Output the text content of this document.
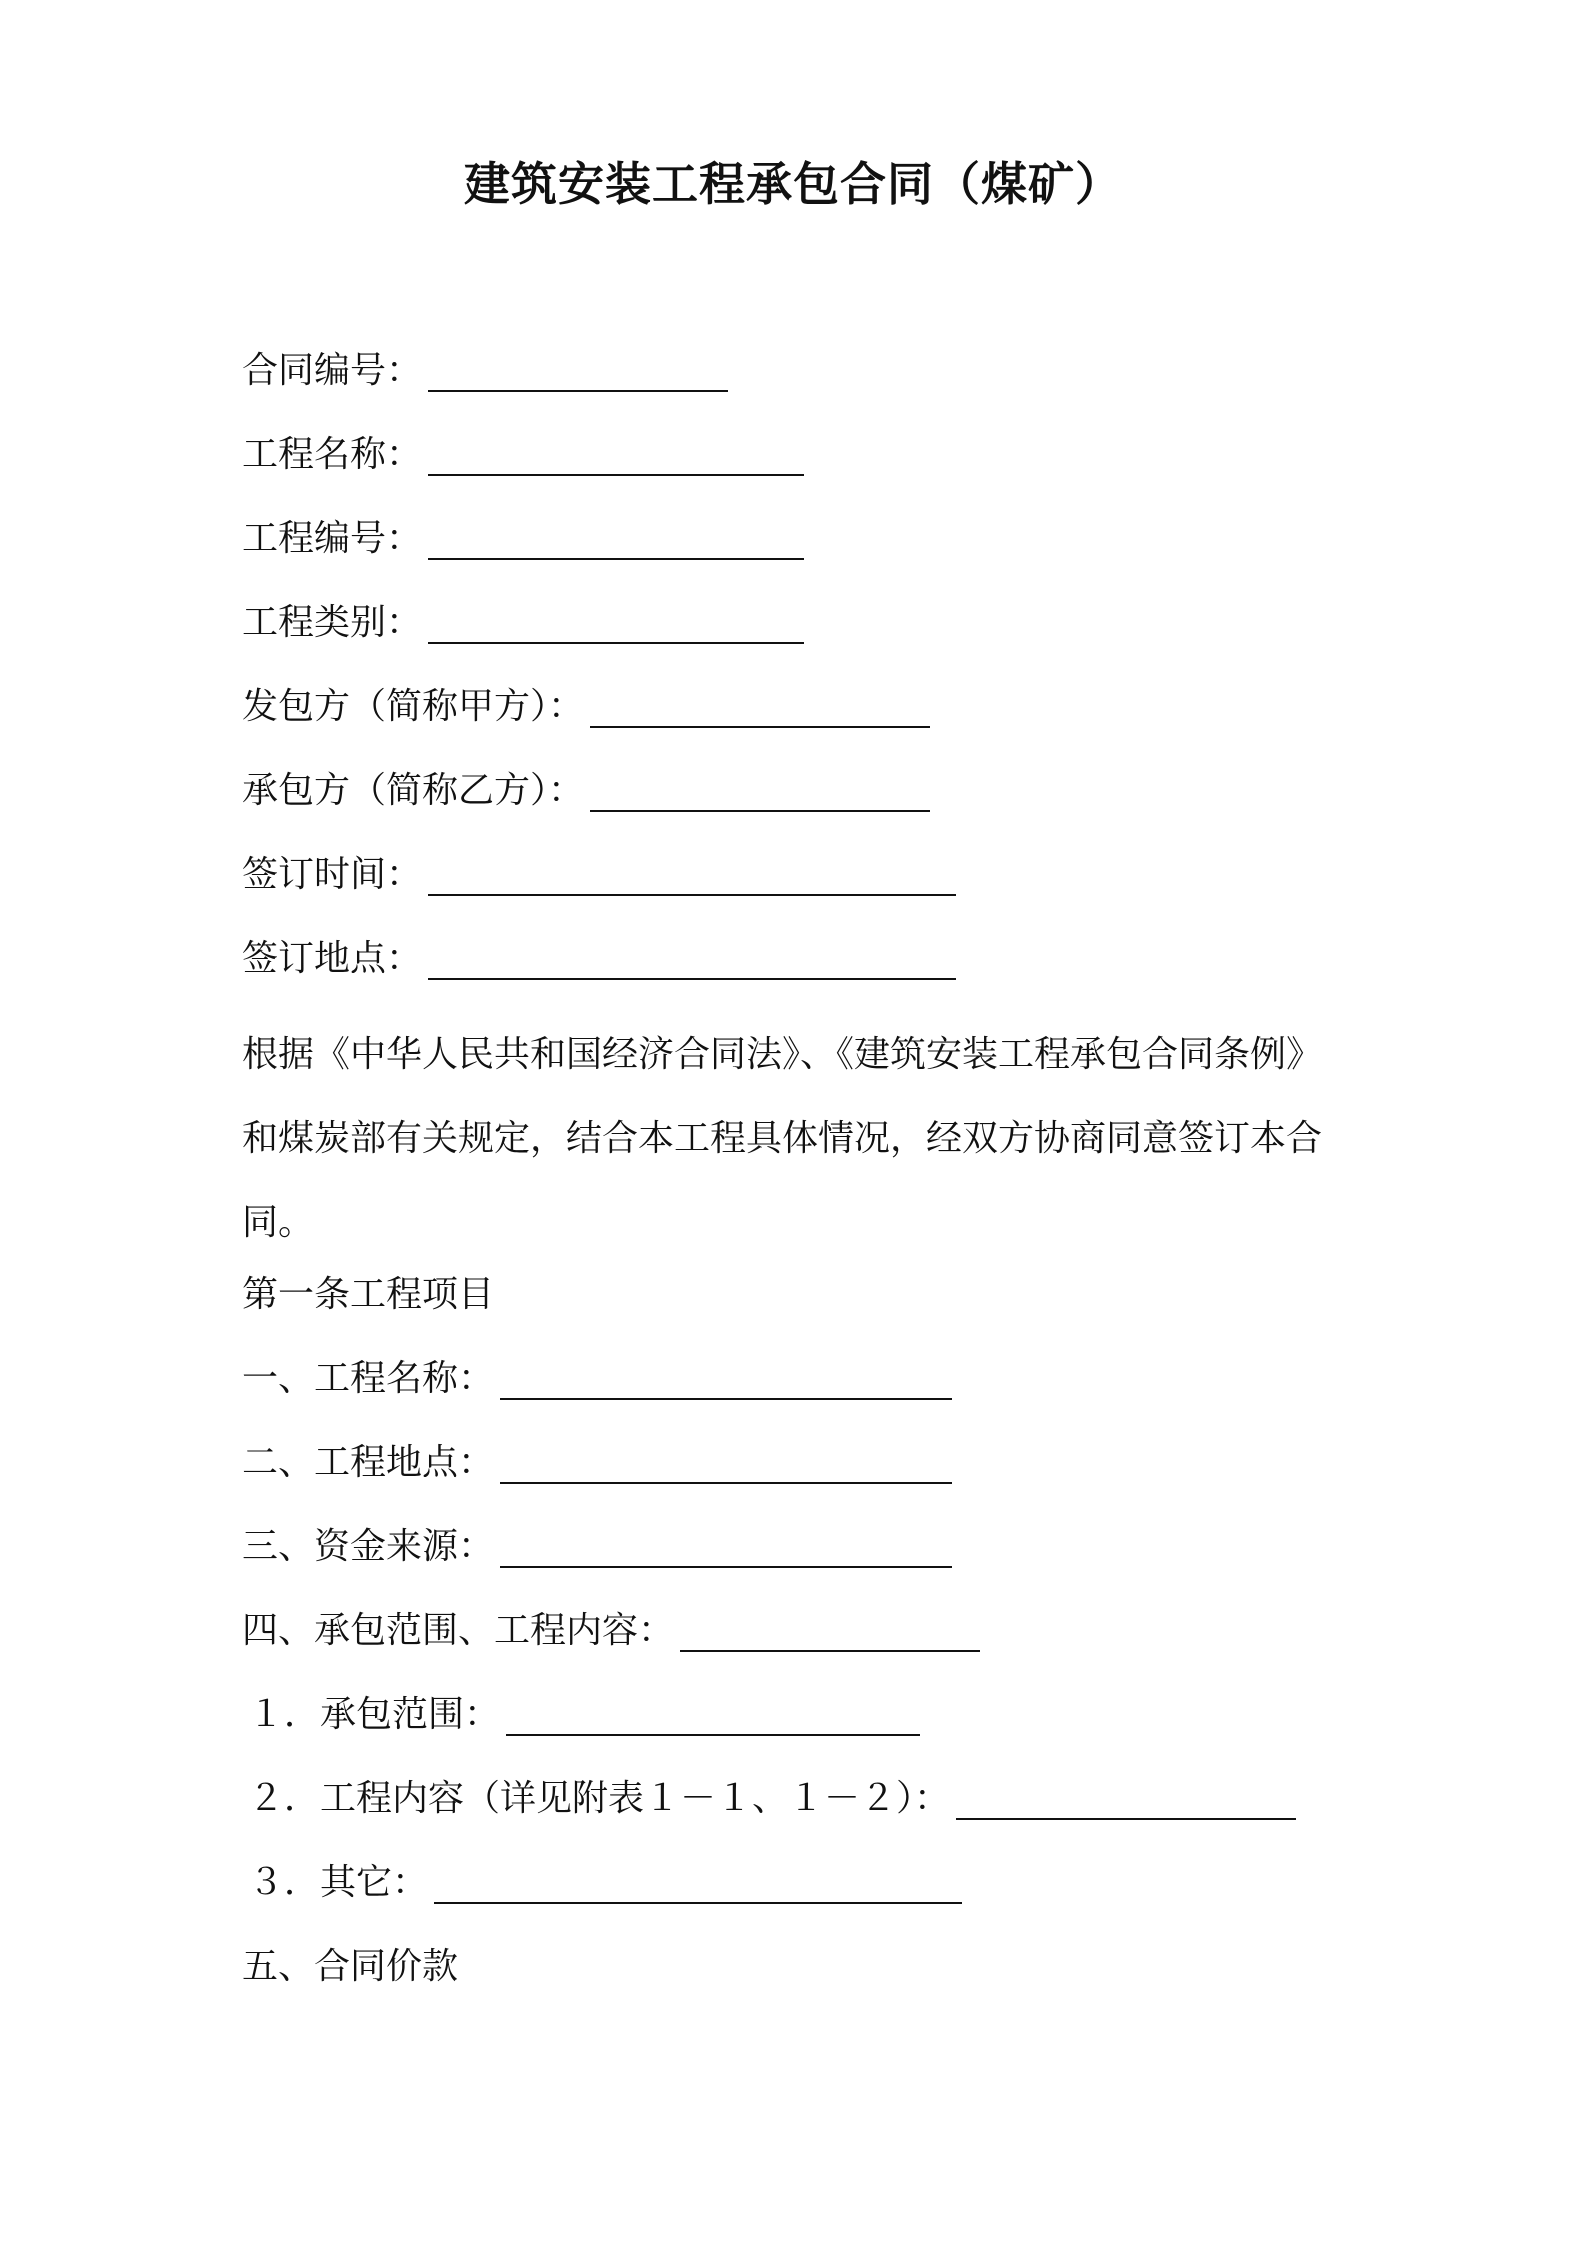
建筑安装工程承包合同（煤矿）
合同编号：
工程名称：
工程编号：
工程类别：
发包方（简称甲方）：
承包方（简称乙方）：
签订时间：
签订地点：
根据《中华人民共和国经济合同法》、《建筑安装工程承包合同条例》和煤炭部有关规定，结合本工程具体情况，经双方协商同意签订本合同。
第一条工程项目
一、工程名称：
二、工程地点：
三、资金来源：
四、承包范围、工程内容：
１．承包范围：
２．工程内容（详见附表１－１、１－２）：
３．其它：
五、合同价款
